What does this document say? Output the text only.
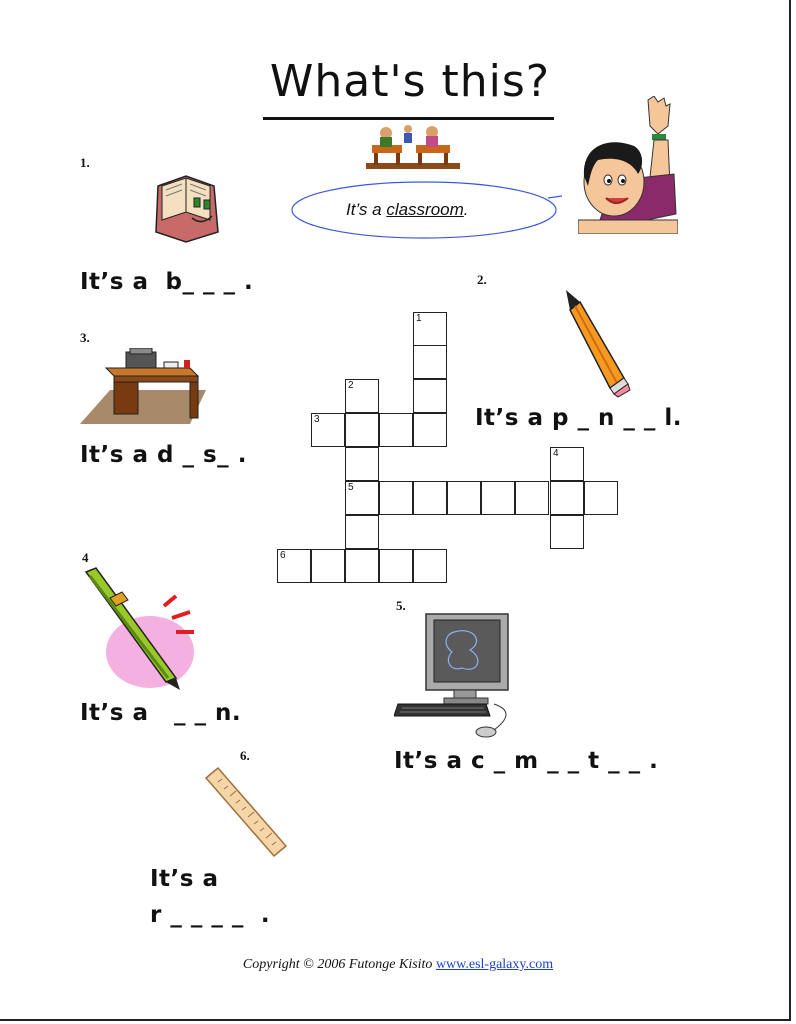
What's this?
It’s a classroom.
1.
It’s a  b_ _ _ .	2.
It’s a p _ n _ _ l.
3.
It’s a d _ s_ .
4
It’s a   _ _ n.
5.
It’s a c _ m _ _ t _ _ .
6.
It’s a
r _ _ _ _  .
1
2
3
4
5
6
Copyright © 2006 Futonge Kisito www.esl-galaxy.com
